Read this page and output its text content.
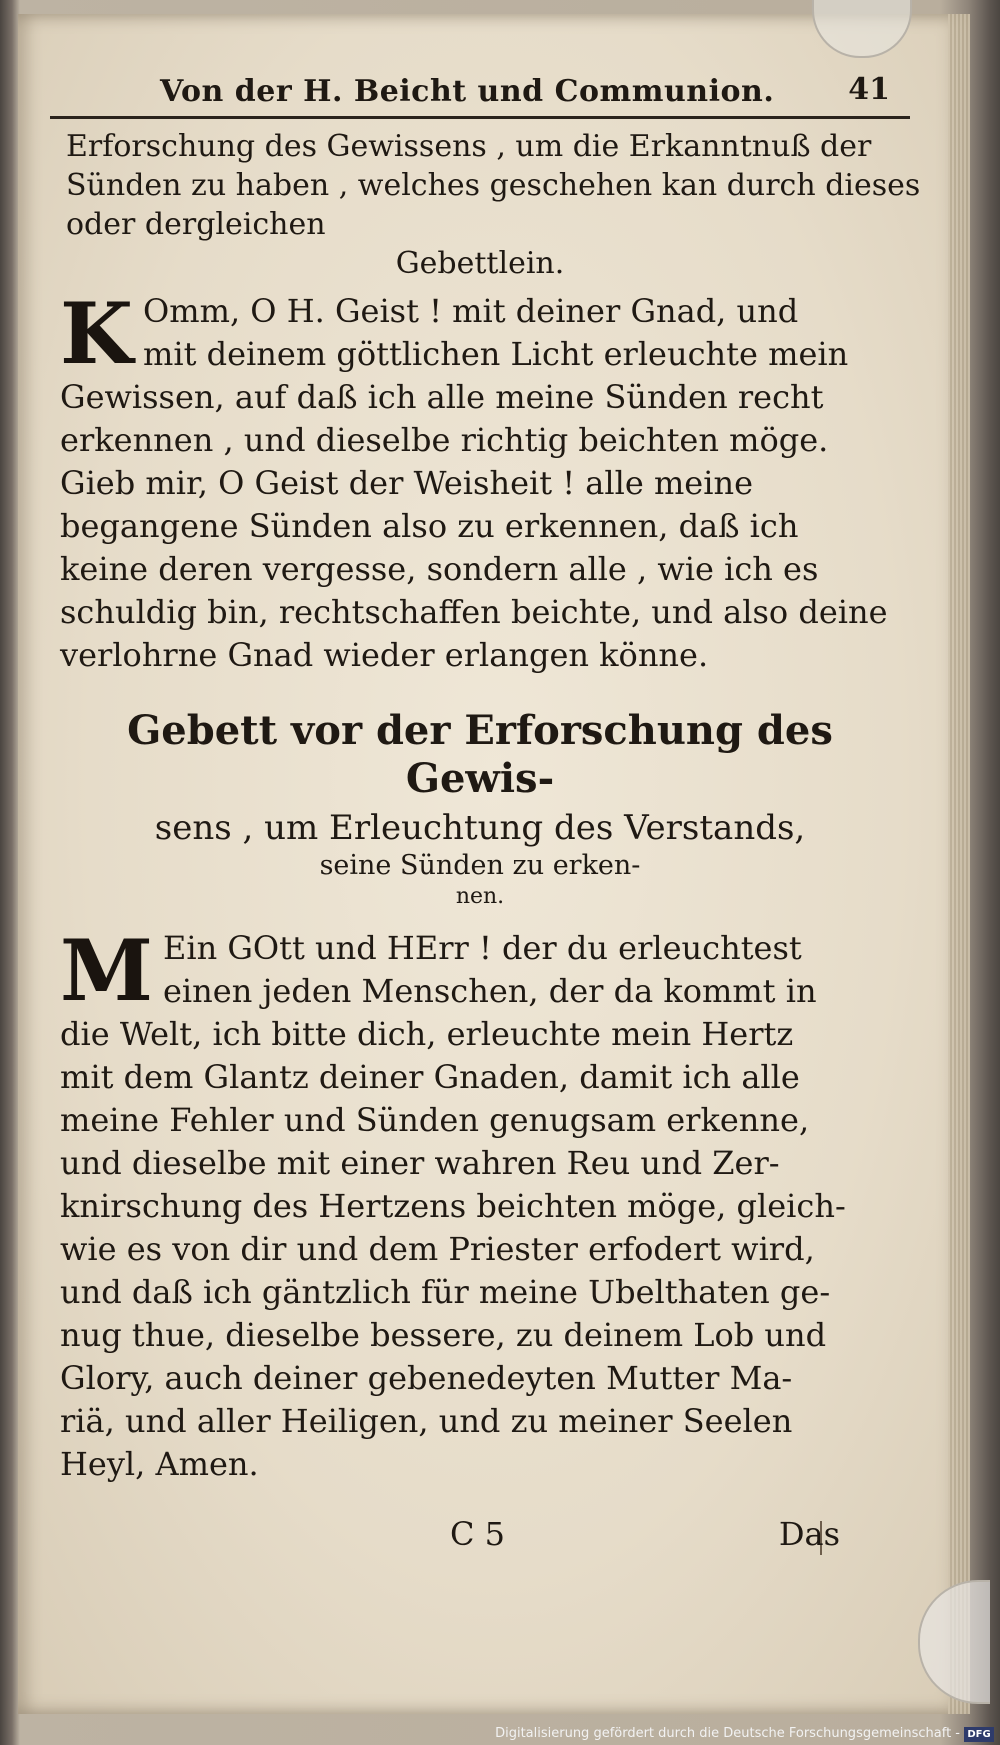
Von der H. Beicht und Communion. 41
Erforschung des Gewissens , um die Erkanntnuß der
Sünden zu haben , welches geschehen kan durch dieses
oder dergleichen

Gebettlein.

K Omm, O H. Geist ! mit deiner Gnad, und
mit deinem göttlichen Licht erleuchte mein
Gewissen, auf daß ich alle meine Sünden recht
erkennen , und dieselbe richtig beichten möge.
Gieb mir, O Geist der Weisheit ! alle meine
begangene Sünden also zu erkennen, daß ich
keine deren vergesse, sondern alle , wie ich es
schuldig bin, rechtschaffen beichte, und also deine
verlohrne Gnad wieder erlangen könne.

Gebett vor der Erforschung des Gewis-

sens , um Erleuchtung des Verstands,

seine Sünden zu erken-

nen.

M Ein GOtt und HErr ! der du erleuchtest
einen jeden Menschen, der da kommt in
die Welt, ich bitte dich, erleuchte mein Hertz
mit dem Glantz deiner Gnaden, damit ich alle
meine Fehler und Sünden genugsam erkenne,
und dieselbe mit einer wahren Reu und Zer-
knirschung des Hertzens beichten möge, gleich-
wie es von dir und dem Priester erfodert wird,
und daß ich gäntzlich für meine Ubelthaten ge-
nug thue, dieselbe bessere, zu deinem Lob und
Glory, auch deiner gebenedeyten Mutter Ma-
riä, und aller Heiligen, und zu meiner Seelen
Heyl, Amen.
C 5	Das
Digitalisierung gefördert durch die Deutsche Forschungsgemeinschaft - DFG
